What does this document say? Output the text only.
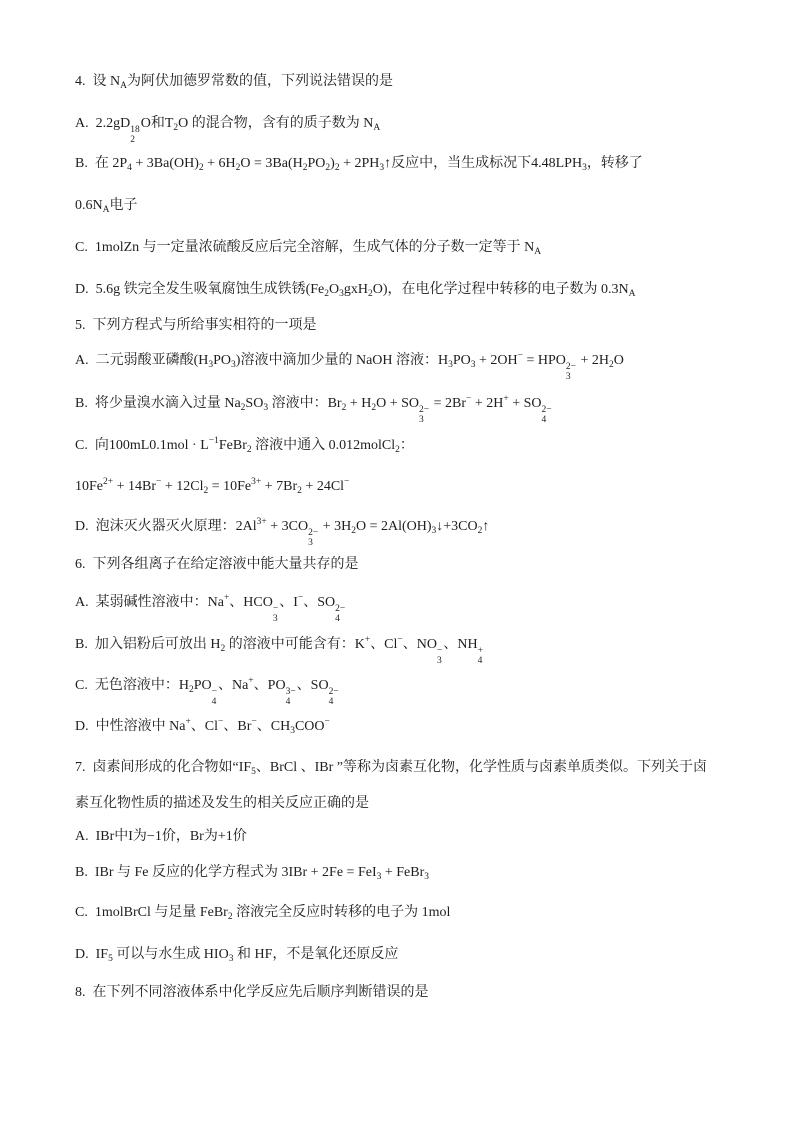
4.  设 $N_A$为阿伏加德罗常数的值，下列说法错误的是
A.  2.2gD 18
2
O和$T_2O$ 的混合物，含有的质子数为 $N_A$
B.  在 $2P_4 + 3Ba(OH)_2 + 6H_2O = 3Ba(H_2PO_2)_2$ + $2PH_3↑$反应中，当生成标况下$4.48LPH_3$，转移了
$0.6N_A$电子
C.  1molZn 与一定量浓硫酸反应后完全溶解，生成气体的分子数一定等于 $N_A$
D.  5.6g 铁完全发生吸氧腐蚀生成铁锈$(Fe_2O_3gxH_2O)$，在电化学过程中转移的电子数为 $0.3N_A$
5.  下列方程式与所给事实相符的一项是
A.  二元弱酸亚磷酸$(H_3PO_3)$溶液中滴加少量的 NaOH 溶液：$H_3PO_3 + 2OH^-$ = HPO 2−
3
+ $2H_2O$
B.  将少量溴水滴入过量 $Na_2SO_3$ 溶液中：$Br_2 + H_2O$ + SO 2−
3
= 2Br− + 2H+ + SO 2−
4
C.  向$100mL0.1mol \cdot L^{-1}FeBr_2$ 溶液中通入 0.012molCl$_2$：
$10Fe^{2+} + 14Br^- + 12Cl_2 = 10Fe^{3+} + 7Br_2 + 24Cl^-$
D.  泡沫灭火器灭火原理：$2Al^{3+} + 3CO$ 2−
3
+ $3H_2O$ = $2Al(OH)_3↓+3CO_2↑$
6.  下列各组离子在给定溶液中能大量共存的是
A.  某弱碱性溶液中：Na+、HCO −
3
、I−、SO 2−
4
B.  加入铝粉后可放出 $H_2$ 的溶液中可能含有：K+、Cl−、NO −
3
、NH +
4
C.  无色溶液中：$H_2PO$ −
4
、Na+、PO 3−
4
、SO 2−
4
D.  中性溶液中 Na+、Cl−、Br−、$CH_3COO^-$
7.  卤素间形成的化合物如“$IF_5$、BrCl 、IBr ”等称为卤素互化物，化学性质与卤素单质类似。下列关于卤
素互化物性质的描述及发生的相关反应正确的是
A.  IBr中I为−1价，Br为+1价
B.  IBr 与 Fe 反应的化学方程式为 3IBr + 2Fe = FeI$_3$ + FeBr$_3$
C.  1molBrCl 与足量 FeBr$_2$ 溶液完全反应时转移的电子为 1mol
D.  $IF_5$ 可以与水生成 $HIO_3$ 和 HF，不是氧化还原反应
8.  在下列不同溶液体系中化学反应先后顺序判断错误的是
